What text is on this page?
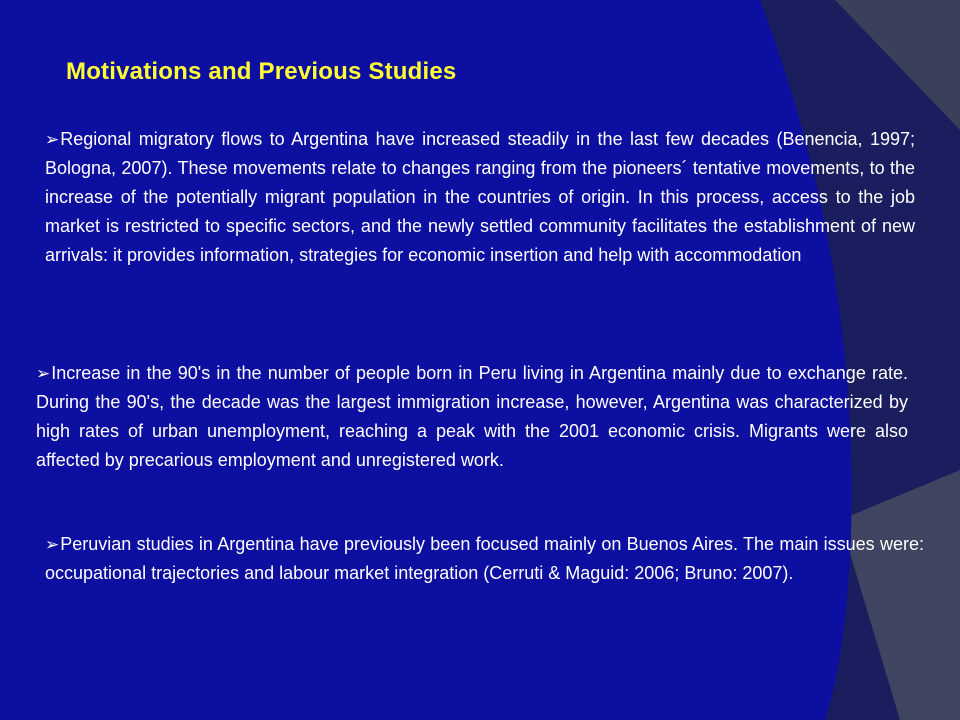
Motivations and Previous Studies
➢Regional migratory flows to Argentina have increased steadily in the last few decades (Benencia, 1997; Bologna, 2007). These movements relate to changes ranging from the pioneers´ tentative movements, to the increase of the potentially migrant population in the countries of origin. In this process, access to the job market is restricted to specific sectors, and the newly settled community facilitates the establishment of new arrivals: it provides information, strategies for economic insertion and help with accommodation
➢Increase in the 90's in the number of people born in Peru living in Argentina mainly due to exchange rate. During the 90's, the decade was the largest immigration increase, however, Argentina was characterized by high rates of urban unemployment, reaching a peak with the 2001 economic crisis. Migrants were also affected by precarious employment and unregistered work.
➢Peruvian studies in Argentina have previously been focused mainly on Buenos Aires. The main issues were: occupational trajectories and labour market integration (Cerruti & Maguid: 2006; Bruno: 2007).
